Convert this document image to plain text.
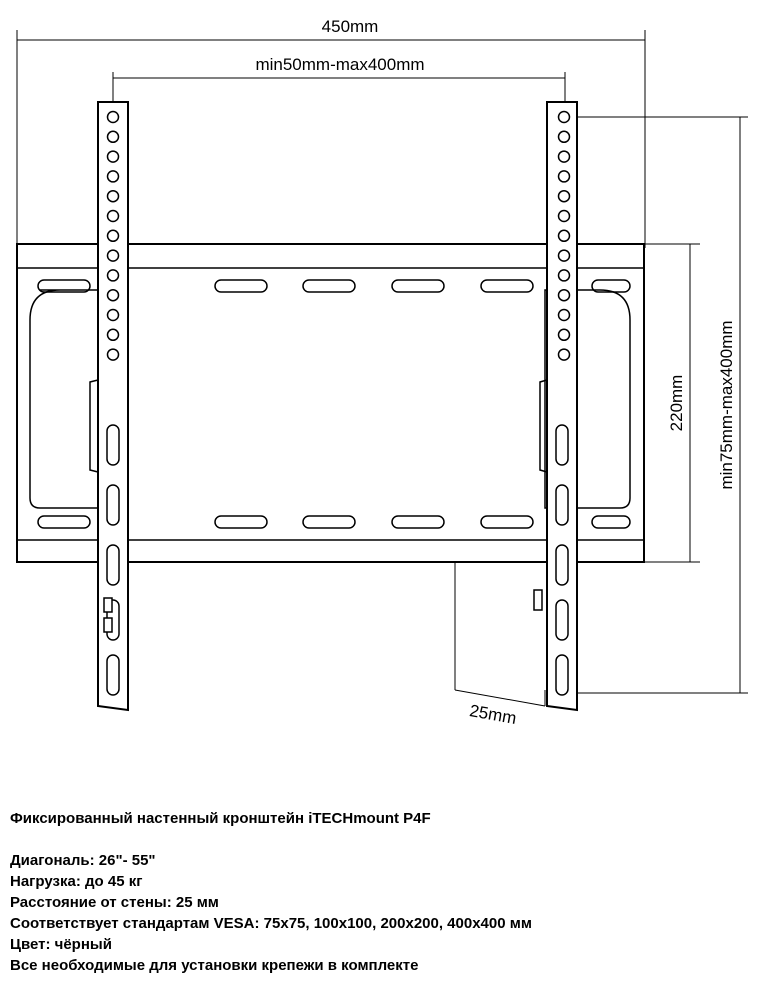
450mm
min50mm-max400mm
220mm min75mm-max400mm
25mm

Фиксированный настенный кронштейн iTECHmount P4F

Диагональ: 26"- 55"

Нагрузка: до 45 кг

Расстояние от стены: 25 мм

Соответствует стандартам VESA: 75х75, 100х100, 200х200, 400х400 мм

Цвет: чёрный

Все необходимые для установки крепежи в комплекте
